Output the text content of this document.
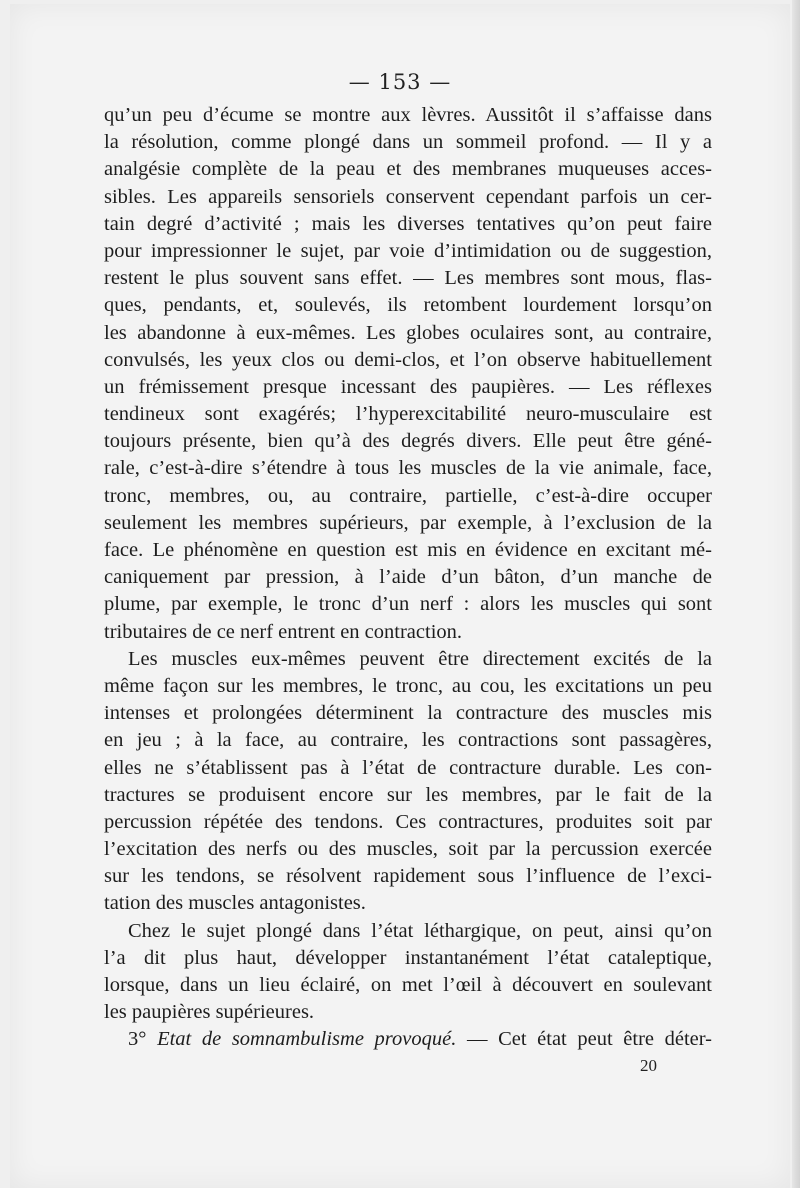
— 153 —
qu’un peu d’écume se montre aux lèvres. Aussitôt il s’affaisse dans
la résolution, comme plongé dans un sommeil profond. — Il y a
analgésie complète de la peau et des membranes muqueuses acces-
sibles. Les appareils sensoriels conservent cependant parfois un cer-
tain degré d’activité ; mais les diverses tentatives qu’on peut faire
pour impressionner le sujet, par voie d’intimidation ou de suggestion,
restent le plus souvent sans effet. — Les membres sont mous, flas-
ques, pendants, et, soulevés, ils retombent lourdement lorsqu’on
les abandonne à eux-mêmes. Les globes oculaires sont, au contraire,
convulsés, les yeux clos ou demi-clos, et l’on observe habituellement
un frémissement presque incessant des paupières. — Les réflexes
tendineux sont exagérés; l’hyperexcitabilité neuro-musculaire est
toujours présente, bien qu’à des degrés divers. Elle peut être géné-
rale, c’est-à-dire s’étendre à tous les muscles de la vie animale, face,
tronc, membres, ou, au contraire, partielle, c’est-à-dire occuper
seulement les membres supérieurs, par exemple, à l’exclusion de la
face. Le phénomène en question est mis en évidence en excitant mé-
caniquement par pression, à l’aide d’un bâton, d’un manche de
plume, par exemple, le tronc d’un nerf : alors les muscles qui sont
tributaires de ce nerf entrent en contraction.
Les muscles eux-mêmes peuvent être directement excités de la
même façon sur les membres, le tronc, au cou, les excitations un peu
intenses et prolongées déterminent la contracture des muscles mis
en jeu ; à la face, au contraire, les contractions sont passagères,
elles ne s’établissent pas à l’état de contracture durable. Les con-
tractures se produisent encore sur les membres, par le fait de la
percussion répétée des tendons. Ces contractures, produites soit par
l’excitation des nerfs ou des muscles, soit par la percussion exercée
sur les tendons, se résolvent rapidement sous l’influence de l’exci-
tation des muscles antagonistes.
Chez le sujet plongé dans l’état léthargique, on peut, ainsi qu’on
l’a dit plus haut, développer instantanément l’état cataleptique,
lorsque, dans un lieu éclairé, on met l’œil à découvert en soulevant
les paupières supérieures.
3° Etat de somnambulisme provoqué. — Cet état peut être déter-
20
